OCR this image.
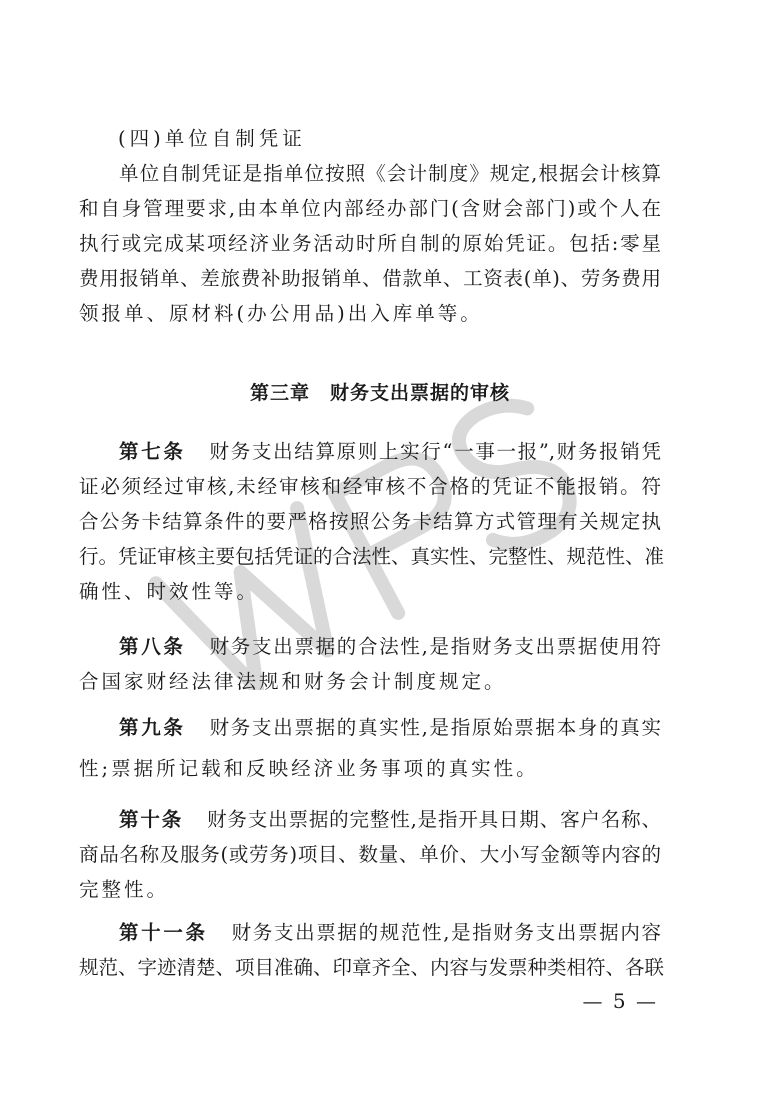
WPS
(四)单位自制凭证
单位自制凭证是指单位按照《会计制度》规定,根据会计核算
和自身管理要求,由本单位内部经办部门(含财会部门)或个人在
执行或完成某项经济业务活动时所自制的原始凭证。包括:零星
费用报销单、差旅费补助报销单、借款单、工资表(单)、劳务费用
领报单、原材料(办公用品)出入库单等。
第三章 财务支出票据的审核
第七条 财务支出结算原则上实行“一事一报”,财务报销凭
证必须经过审核,未经审核和经审核不合格的凭证不能报销。符
合公务卡结算条件的要严格按照公务卡结算方式管理有关规定执
行。凭证审核主要包括凭证的合法性、真实性、完整性、规范性、准
确性、时效性等。
第八条 财务支出票据的合法性,是指财务支出票据使用符
合国家财经法律法规和财务会计制度规定。
第九条 财务支出票据的真实性,是指原始票据本身的真实
性;票据所记载和反映经济业务事项的真实性。
第十条 财务支出票据的完整性,是指开具日期、客户名称、
商品名称及服务(或劳务)项目、数量、单价、大小写金额等内容的
完整性。
第十一条 财务支出票据的规范性,是指财务支出票据内容
规范、字迹清楚、项目准确、印章齐全、内容与发票种类相符、各联
— 5 —
